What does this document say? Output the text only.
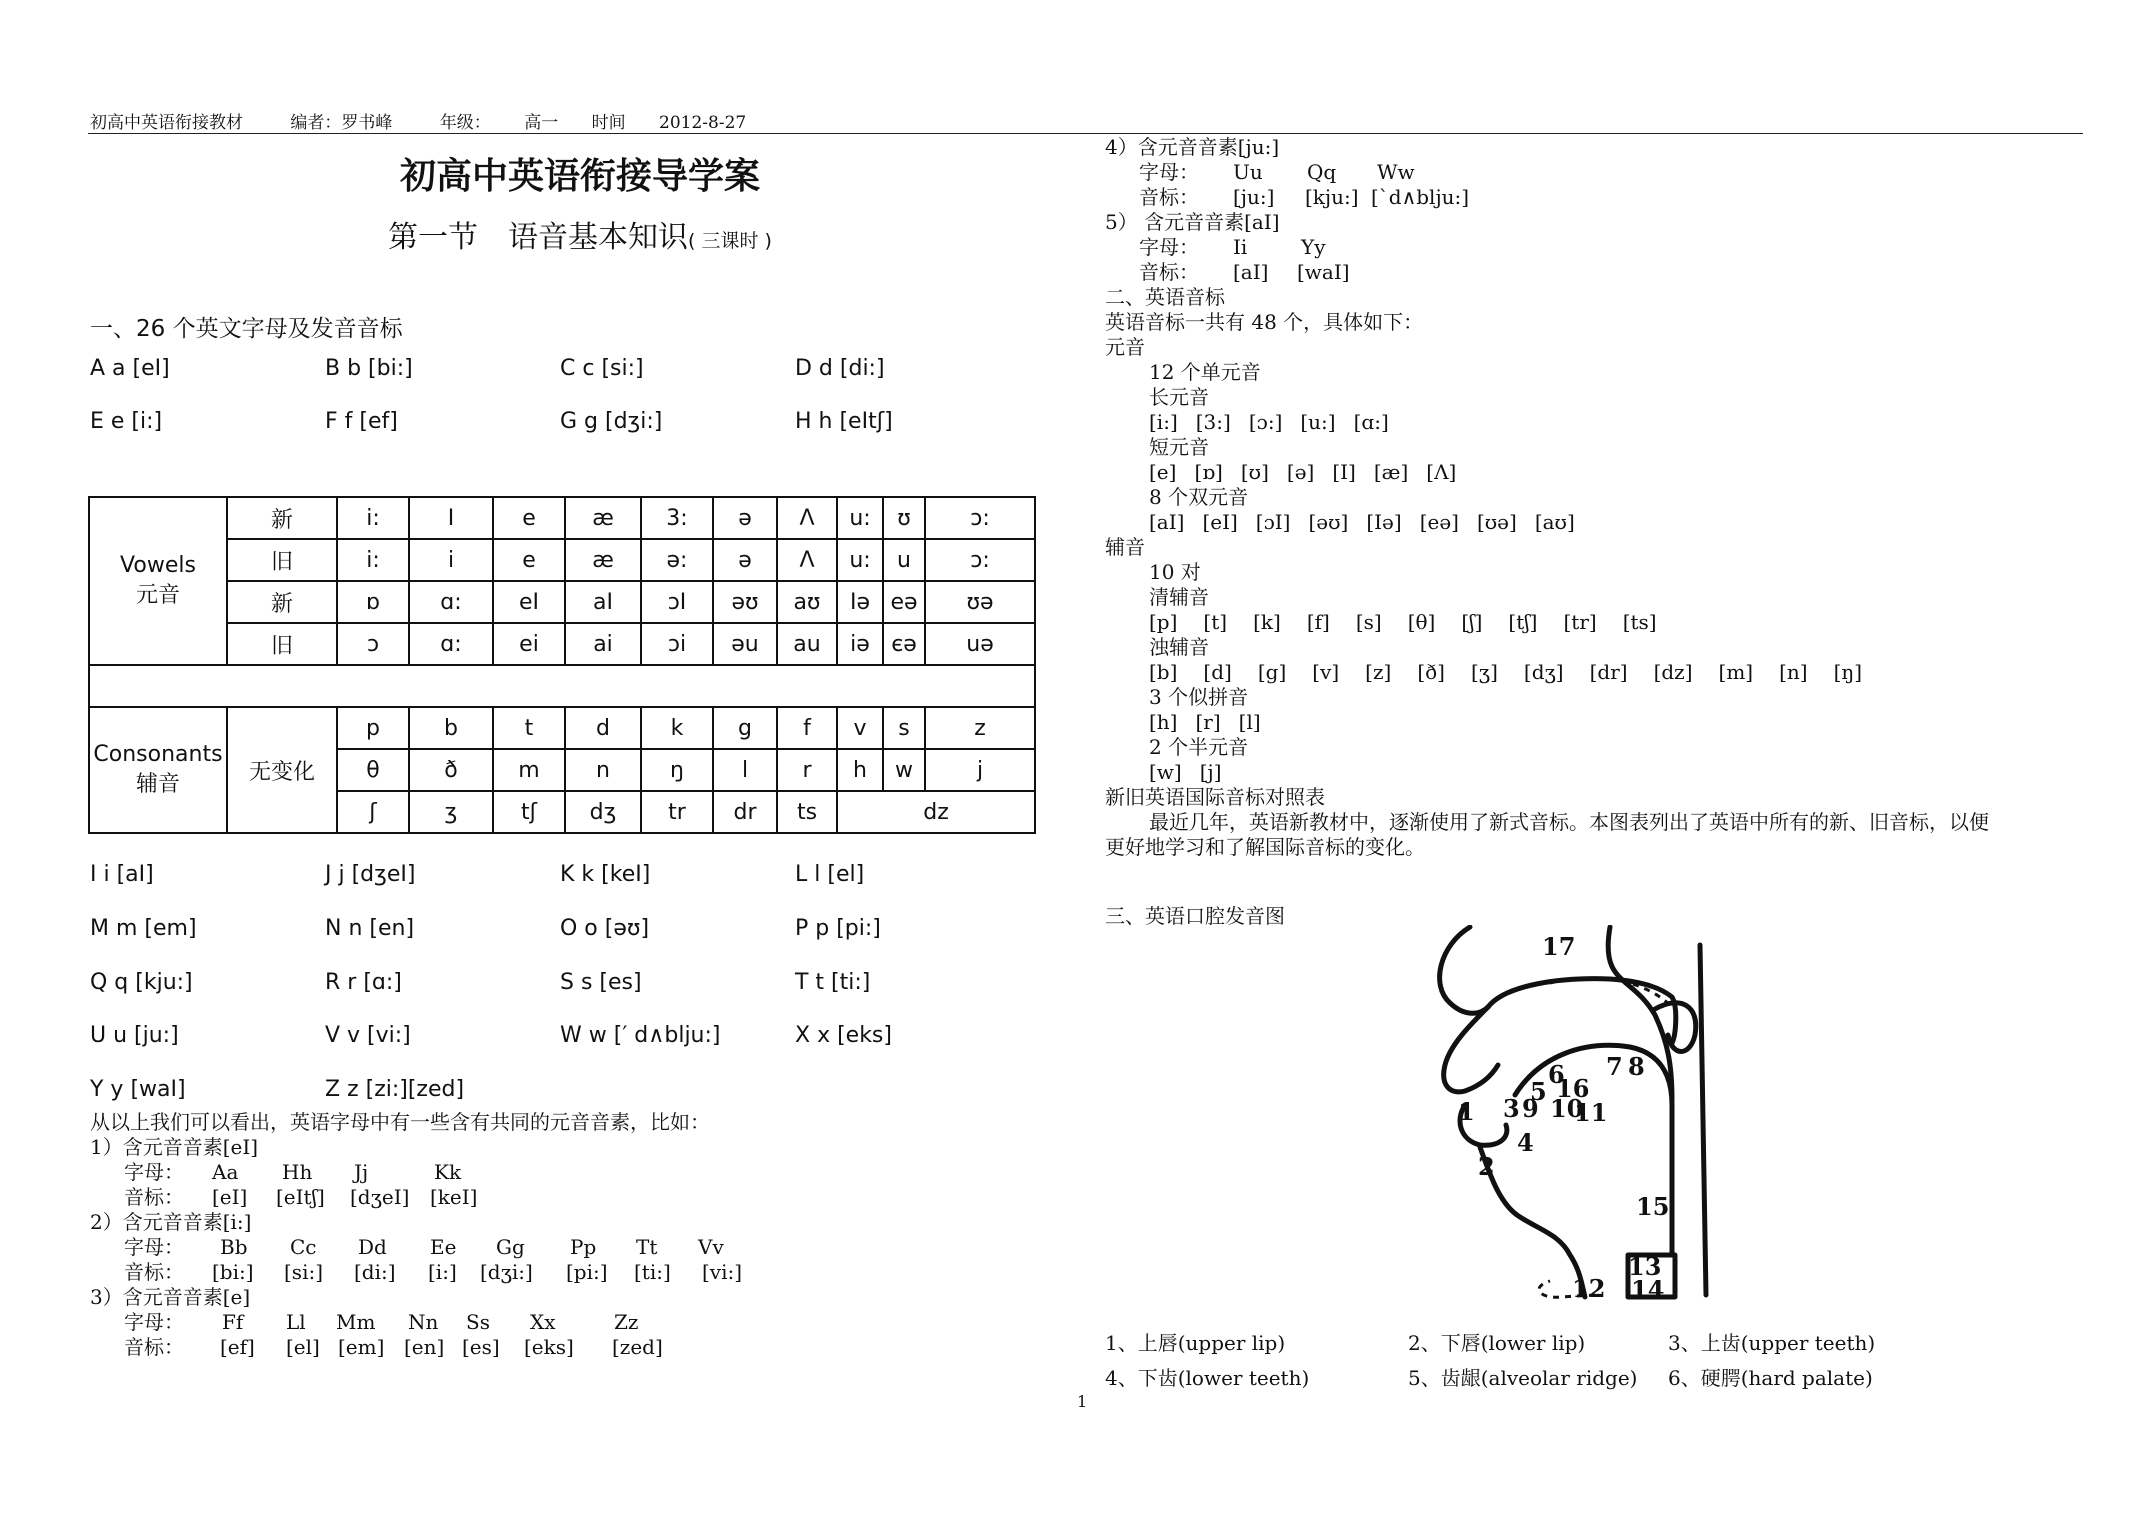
初高中英语衔接教材	编者：罗书峰	年级： 高一 时间 2012-8-27
初高中英语衔接导学案
第一节　语音基本知识( 三课时 )
一、26 个英文字母及发音音标
A a [eI]	B b [bi:]	C c [si:]	D d [di:]
E e [i:]	F f [ef]	G g [dʒi:]	H h [eItʃ]
Vowels
元音	新	i:	I	e	æ	3:	ə	Λ	u:	ʊ	ɔ:
	旧	i:	i	e	æ	ə:	ə	Λ	u:	u	ɔ:
	新	ɒ	ɑ:	eI	aI	ɔI	əʊ	aʊ	Iə	eə	ʊə
	旧	ɔ	ɑ:	ei	ai	ɔi	əu	au	iə	єə	uə

Consonants
辅音	无变化	p	b	t	d	k	g	f	v	s	z
		θ	ð	m	n	ŋ	l	r	h	w	j
		ʃ	ʒ	tʃ	dʒ	tr	dr	ts	dz		
I i [aI]	J j [dʒeI]	K k [keI]	L l [el]
M m [em]	N n [en]	O o [əʊ]	P p [pi:]
Q q [kju:]	R r [ɑ:]	S s [es]	T t [ti:]
U u [ju:]	V v [vi:]	W w [′ d∧blju:]	X x [eks]
Y y [waI]	Z z [zi:][zed]
从以上我们可以看出，英语字母中有一些含有共同的元音音素，比如：
1）含元音音素[eI]
字母： Aa Hh Jj	Kk
音标： [eI] [eItʃ] [dʒeI] [keI]
2）含元音音素[i:]
字母： Bb Cc Dd Ee Gg Pp Tt Vv
音标： [bi:] [si:] [di:] [i:] [dʒi:] [pi:] [ti:] [vi:]
3）含元音音素[e]
字母： Ff Ll Mm Nn Ss Xx	Zz
音标： [ef] [el] [em] [en] [es] [eks] [zed]
4）含元音音素[ju:]
字母： Uu Qq Ww
音标： [ju:] [kju:] [`d∧blju:]
5） 含元音音素[aI]
字母： Ii	Yy
音标： [aI] [waI]
二、英语音标
英语音标一共有 48 个，具体如下：
元音
12 个单元音
长元音
[i:] [3:] [ɔ:] [u:] [ɑ:]
短元音
[e] [ɒ] [ʊ] [ə] [I] [æ] [Λ]
8 个双元音
[aI] [eI] [ɔI] [əʊ] [Iə] [eə] [ʊə] [aʊ]
辅音
10 对
清辅音
[p] [t] [k] [f] [s] [θ] [ʃ] [tʃ] [tr] [ts]
浊辅音
[b] [d] [g] [v] [z] [ð] [ʒ] [dʒ] [dr] [dz] [m] [n] [ŋ]
3 个似拼音
[h] [r] [l]
2 个半元音
[w] [j]
新旧英语国际音标对照表
最近几年，英语新教材中，逐渐使用了新式音标。本图表列出了英语中所有的新、旧音标，以便
更好地学习和了解国际音标的变化。
三、英语口腔发音图
1
2
3
4
5
6 7 8
9 10
11
12
13
14
15
16
17
1、上唇(upper lip)	2、下唇(lower lip)	3、上齿(upper teeth)
4、下齿(lower teeth)	5、齿龈(alveolar ridge) 6、硬腭(hard palate)
1
